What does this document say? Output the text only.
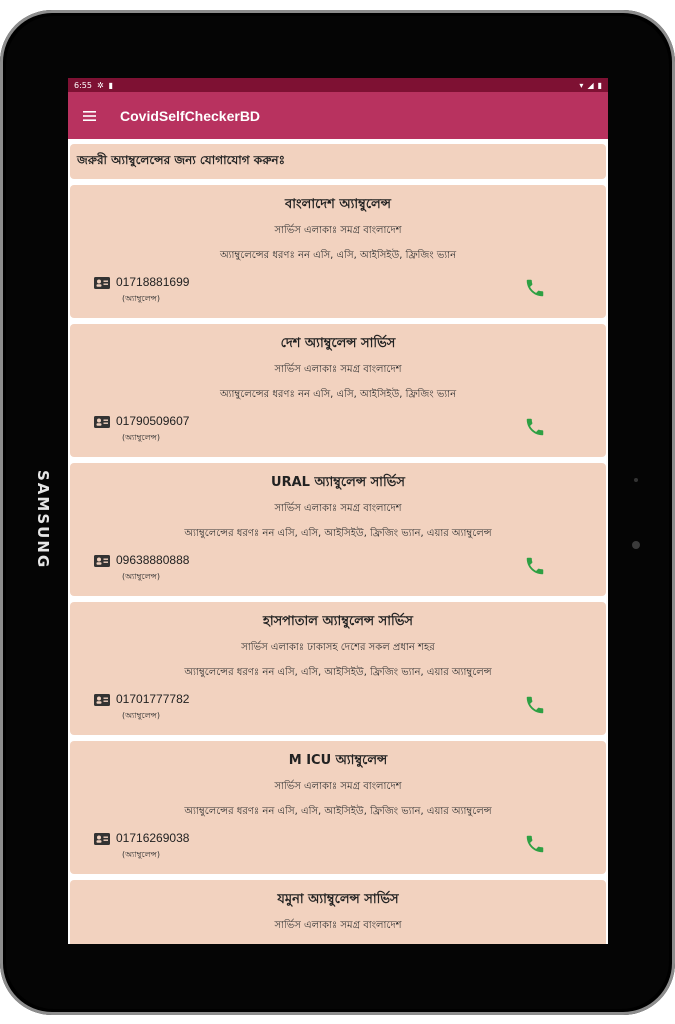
SAMSUNG
6:55 ✲ ▮	▾ ◢ ▮
CovidSelfCheckerBD
জরুরী অ্যাম্বুলেন্সের জন্য যোগাযোগ করুনঃ
বাংলাদেশ অ্যাম্বুলেন্স
সার্ভিস এলাকাঃ সমগ্র বাংলাদেশ
অ্যাম্বুলেন্সের ধরণঃ নন এসি, এসি, আইসিইউ, ফ্রিজিং ভ্যান
01718881699
(অ্যাম্বুলেন্স)
দেশ অ্যাম্বুলেন্স সার্ভিস
সার্ভিস এলাকাঃ সমগ্র বাংলাদেশ
অ্যাম্বুলেন্সের ধরণঃ নন এসি, এসি, আইসিইউ, ফ্রিজিং ভ্যান
01790509607
(অ্যাম্বুলেন্স)
URAL অ্যাম্বুলেন্স সার্ভিস
সার্ভিস এলাকাঃ সমগ্র বাংলাদেশ
অ্যাম্বুলেন্সের ধরণঃ নন এসি, এসি, আইসিইউ, ফ্রিজিং ভ্যান, এয়ার অ্যাম্বুলেন্স
09638880888
(অ্যাম্বুলেন্স)
হাসপাতাল অ্যাম্বুলেন্স সার্ভিস
সার্ভিস এলাকাঃ ঢাকাসহ দেশের সকল প্রধান শহর
অ্যাম্বুলেন্সের ধরণঃ নন এসি, এসি, আইসিইউ, ফ্রিজিং ভ্যান, এয়ার অ্যাম্বুলেন্স
01701777782
(অ্যাম্বুলেন্স)
M ICU অ্যাম্বুলেন্স
সার্ভিস এলাকাঃ সমগ্র বাংলাদেশ
অ্যাম্বুলেন্সের ধরণঃ নন এসি, এসি, আইসিইউ, ফ্রিজিং ভ্যান, এয়ার অ্যাম্বুলেন্স
01716269038
(অ্যাম্বুলেন্স)
যমুনা অ্যাম্বুলেন্স সার্ভিস
সার্ভিস এলাকাঃ সমগ্র বাংলাদেশ
